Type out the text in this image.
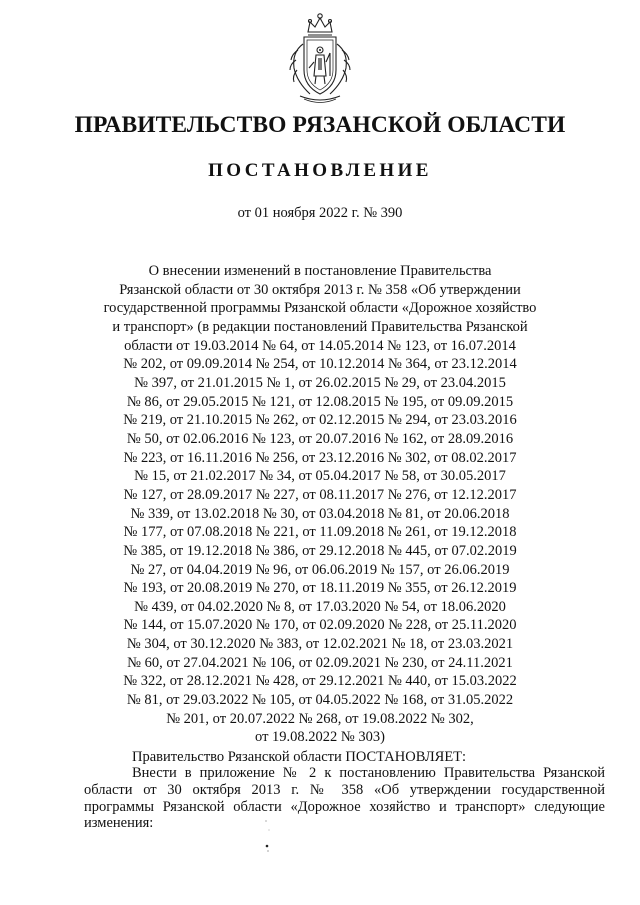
ПРАВИТЕЛЬСТВО РЯЗАНСКОЙ ОБЛАСТИ
ПОСТАНОВЛЕНИЕ
от 01 ноября 2022 г. № 390
О внесении изменений в постановление Правительства
Рязанской области от 30 октября 2013 г. № 358 «Об утверждении
государственной программы Рязанской области «Дорожное хозяйство
и транспорт» (в редакции постановлений Правительства Рязанской
области от 19.03.2014 № 64, от 14.05.2014 № 123, от 16.07.2014
№ 202, от 09.09.2014 № 254, от 10.12.2014 № 364, от 23.12.2014
№ 397, от 21.01.2015 № 1, от 26.02.2015 № 29, от 23.04.2015
№ 86, от 29.05.2015 № 121, от 12.08.2015 № 195, от 09.09.2015
№ 219, от 21.10.2015 № 262, от 02.12.2015 № 294, от 23.03.2016
№ 50, от 02.06.2016 № 123, от 20.07.2016 № 162, от 28.09.2016
№ 223, от 16.11.2016 № 256, от 23.12.2016 № 302, от 08.02.2017
№ 15, от 21.02.2017 № 34, от 05.04.2017 № 58, от 30.05.2017
№ 127, от 28.09.2017 № 227, от 08.11.2017 № 276, от 12.12.2017
№ 339, от 13.02.2018 № 30, от 03.04.2018 № 81, от 20.06.2018
№ 177, от 07.08.2018 № 221, от 11.09.2018 № 261, от 19.12.2018
№ 385, от 19.12.2018 № 386, от 29.12.2018 № 445, от 07.02.2019
№ 27, от 04.04.2019 № 96, от 06.06.2019 № 157, от 26.06.2019
№ 193, от 20.08.2019 № 270, от 18.11.2019 № 355, от 26.12.2019
№ 439, от 04.02.2020 № 8, от 17.03.2020 № 54, от 18.06.2020
№ 144, от 15.07.2020 № 170, от 02.09.2020 № 228, от 25.11.2020
№ 304, от 30.12.2020 № 383, от 12.02.2021 № 18, от 23.03.2021
№ 60, от 27.04.2021 № 106, от 02.09.2021 № 230, от 24.11.2021
№ 322, от 28.12.2021 № 428, от 29.12.2021 № 440, от 15.03.2022
№ 81, от 29.03.2022 № 105, от 04.05.2022 № 168, от 31.05.2022
№ 201, от 20.07.2022 № 268, от 19.08.2022 № 302,
от 19.08.2022 № 303)
Правительство Рязанской области ПОСТАНОВЛЯЕТ:
Внести в приложение № 2 к постановлению Правительства Рязанской
области от 30 октября 2013 г. № 358 «Об утверждении государственной
программы Рязанской области «Дорожное хозяйство и транспорт» следующие
изменения:
